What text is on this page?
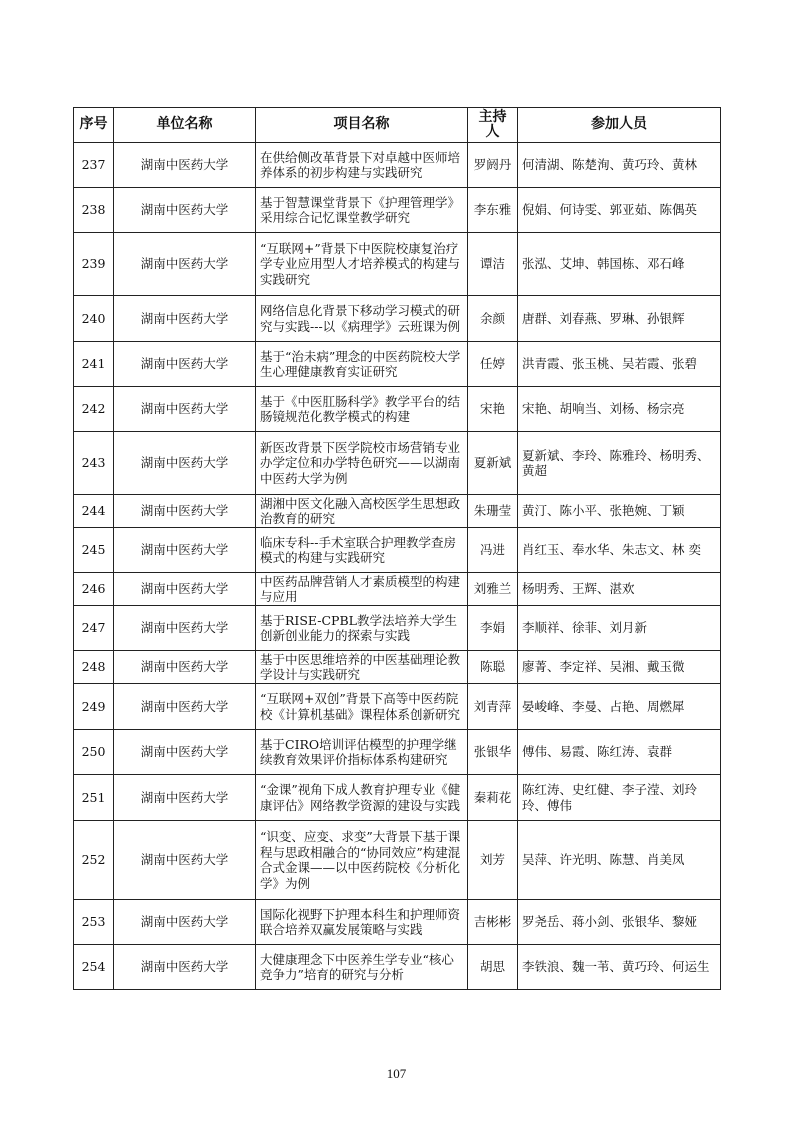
序号	单位名称	项目名称	主持人	参加人员
237	湖南中医药大学	在供给侧改革背景下对卓越中医师培养体系的初步构建与实践研究	罗阏丹	何清湖、陈楚洵、黄巧玲、黄林
238	湖南中医药大学	基于智慧课堂背景下《护理管理学》采用综合记忆课堂教学研究	李东雅	倪娟、何诗雯、郭亚茹、陈偶英
239	湖南中医药大学	“互联网+”背景下中医院校康复治疗学专业应用型人才培养模式的构建与实践研究	谭洁	张泓、艾坤、韩国栋、邓石峰
240	湖南中医药大学	网络信息化背景下移动学习模式的研究与实践---以《病理学》云班课为例	余颜	唐群、刘春燕、罗琳、孙银辉
241	湖南中医药大学	基于“治未病”理念的中医药院校大学生心理健康教育实证研究	任婷	洪青霞、张玉桃、吴若霞、张碧
242	湖南中医药大学	基于《中医肛肠科学》教学平台的结肠镜规范化教学模式的构建	宋艳	宋艳、胡响当、刘杨、杨宗亮
243	湖南中医药大学	新医改背景下医学院校市场营销专业办学定位和办学特色研究——以湖南中医药大学为例	夏新斌	夏新斌、李玲、陈雅玲、杨明秀、黄超
244	湖南中医药大学	湖湘中医文化融入高校医学生思想政治教育的研究	朱珊莹	黄汀、陈小平、张艳婉、丁颖
245	湖南中医药大学	临床专科--手术室联合护理教学查房模式的构建与实践研究	冯进	肖红玉、奉水华、朱志文、林 奕
246	湖南中医药大学	中医药品牌营销人才素质模型的构建与应用	刘雅兰	杨明秀、王辉、湛欢
247	湖南中医药大学	基于RISE-CPBL教学法培养大学生创新创业能力的探索与实践	李娟	李顺祥、徐菲、刘月新
248	湖南中医药大学	基于中医思维培养的中医基础理论教学设计与实践研究	陈聪	廖菁、李定祥、吴湘、戴玉微
249	湖南中医药大学	“互联网+双创”背景下高等中医药院校《计算机基础》课程体系创新研究	刘青萍	晏峻峰、李曼、占艳、周燃犀
250	湖南中医药大学	基于CIRO培训评估模型的护理学继续教育效果评价指标体系构建研究	张银华	傅伟、易霞、陈红涛、袁群
251	湖南中医药大学	“金课”视角下成人教育护理专业《健康评估》网络教学资源的建设与实践	秦莉花	陈红涛、史红健、李子滢、刘玲玲、傅伟
252	湖南中医药大学	“识变、应变、求变”大背景下基于课程与思政相融合的“协同效应”构建混合式金课——以中医药院校《分析化学》为例	刘芳	吴萍、许光明、陈慧、肖美凤
253	湖南中医药大学	国际化视野下护理本科生和护理师资联合培养双赢发展策略与实践	吉彬彬	罗尧岳、蒋小剑、张银华、黎娅
254	湖南中医药大学	大健康理念下中医养生学专业“核心竞争力”培育的研究与分析	胡思	李铁浪、魏一苇、黄巧玲、何运生
107
